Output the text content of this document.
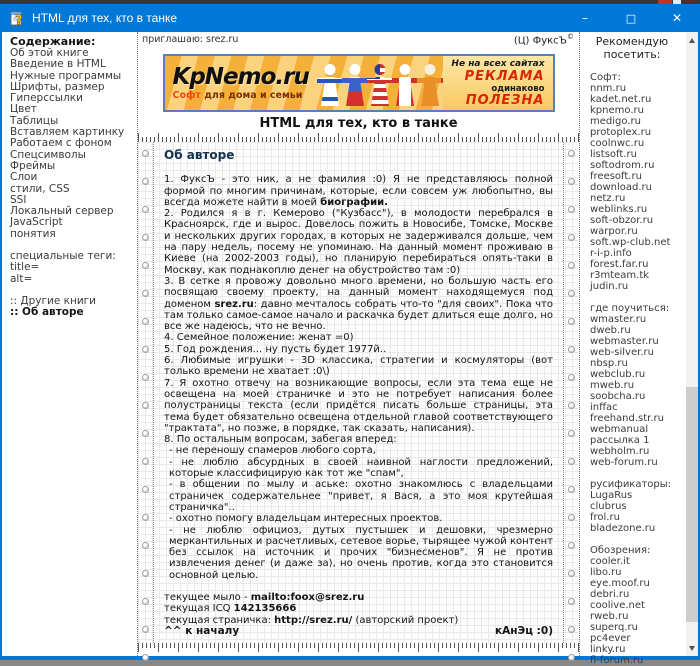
? HTML для тех, кто в танке	–	□	✕
Содержание:
Об этой книге
Введение в HTML
Нужные программы
Шрифты, размер
Гиперссылки
Цвет
Таблицы
Вставляем картинку
Работаем с фоном
Спецсимволы
Фреймы
Слои
стили, CSS
SSI
Локальный сервер
JavaScript
понятия
специальные теги:
title=
alt=
:: Другие книги
:: Об авторе
приглашаю: srez.ru	(Ц) ФуксЪ©
KpNemo.ru
Софт для дома и семьи
Не на всех сайтах
РЕКЛАМА
одинаково
ПОЛЕЗНА
HTML для тех, кто в танке
Об авторе
1. ФуксЪ - это ник, а не фамилия :0) Я не представляюсь полной формой по многим причинам, которые, если совсем уж любопытно, вы всегда можете найти в моей биографии.
2. Родился я в г. Кемерово ("Кузбасс"), в молодости перебрался в Красноярск, где и вырос. Довелось пожить в Новосибе, Томске, Москве и нескольких других городах, в которых не задерживался дольше, чем на пару недель, посему не упоминаю. На данный момент проживаю в Киеве (на 2002-2003 годы), но планирую перебираться опять-таки в Москву, как поднакоплю денег на обустройство там :0)
3. В сетке я провожу довольно много времени, но большую часть его посвящаю своему проекту, на данный момент находящемуся под доменом srez.ru: давно мечталось собрать что-то "для своих". Пока что там только самое-самое начало и раскачка будет длиться еще долго, но все же надеюсь, что не вечно.
4. Семейное положение: женат =0)
5. Год рождения... ну пусть будет 1977й..
6. Любимые игрушки - 3D классика, стратегии и космуляторы (вот только времени не хватает :0\)
7. Я охотно отвечу на возникающие вопросы, если эта тема еще не освещена на моей страничке и это не потребует написания более полустраницы текста (если придётся писать больше страницы, эта тема будет обязательно освещена отдельной главой соответствующего "трактата", но позже, в порядке, так сказать, написания).
8. По остальным вопросам, забегая вперед:
- не переношу спамеров любого сорта,
- не люблю абсурдных в своей наивной наглости предложений, которые классифицирую как тот же "спам",
- в общении по мылу и аське: охотно знакомлюсь с владельцами страничек содержательнее "привет, я Вася, а это моя крутейшая страничка"..
- охотно помогу владельцам интересных проектов.
- не люблю официоз, дутых пустышек и дешовки, чрезмерно меркантильных и расчетливых, сетевое ворье, тырящее чужой контент без ссылок на источник и прочих "бизнесменов". Я не против извлечения денег (и даже за), но очень против, когда это становится основной целью.
текущее мыло - mailto:foox@srez.ru
текущая ICQ 142135666
текущая страничка: http://srez.ru/ (авторский проект)
^^ к началу	кАнЭц :0)
Рекомендую посетить:
Софт:
nnm.ru
kadet.net.ru
kpnemo.ru
medigo.ru
protoplex.ru
coolnwc.ru
listsoft.ru
softodrom.ru
freesoft.ru
download.ru
netz.ru
weblinks.ru
soft-obzor.ru
warpor.ru
soft.wp-club.net
r-i-p.info
forest.far.ru
r3mteam.tk
judin.ru
где поучиться:
wmaster.ru
dweb.ru
webmaster.ru
web-silver.ru
nbsp.ru
webclub.ru
mweb.ru
soobcha.ru
inffac
freehand.str.ru
webmanual
рассылка 1
webholm.ru
web-forum.ru
русификаторы:
LugaRus
clubrus
frol.ru
bladezone.ru
Обозрения:
cooler.it
libo.ru
eye.moof.ru
debri.ru
coolive.net
rweb.ru
superq.ru
pc4ever
linky.ru
fl-forum.ru
